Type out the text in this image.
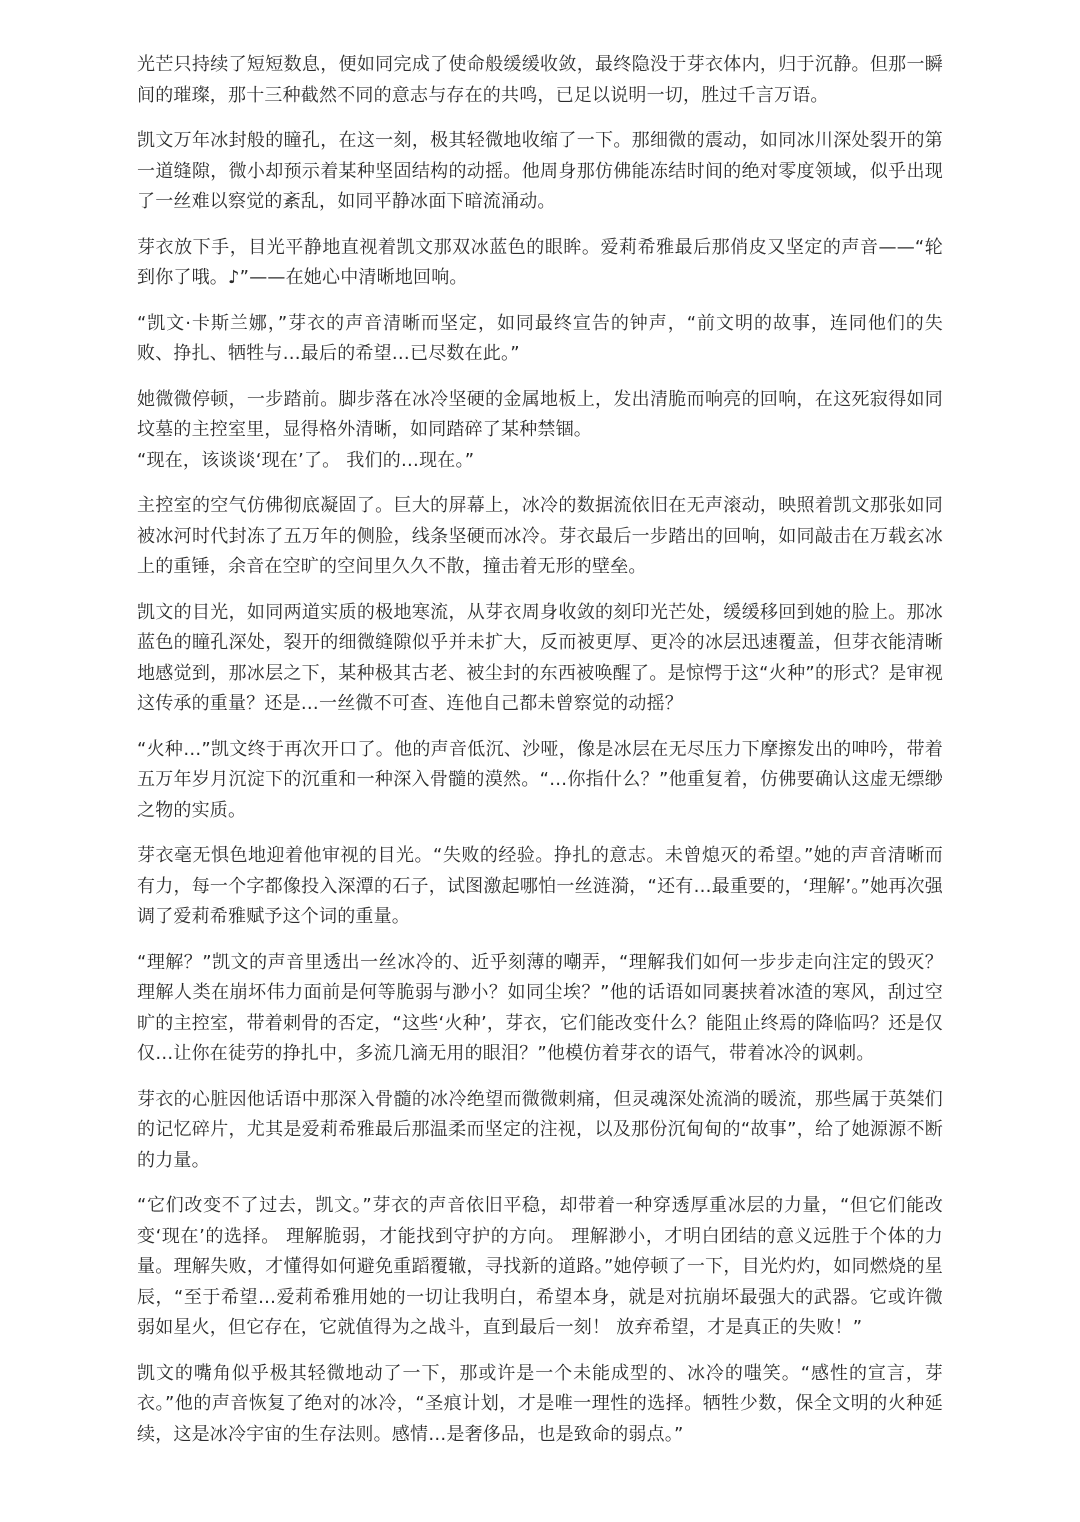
光芒只持续了短短数息，便如同完成了使命般缓缓收敛，最终隐没于芽衣体内，归于沉静。但那一瞬间的璀璨，那十三种截然不同的意志与存在的共鸣，已足以说明一切，胜过千言万语。

凯文万年冰封般的瞳孔，在这一刻，极其轻微地收缩了一下。那细微的震动，如同冰川深处裂开的第一道缝隙，微小却预示着某种坚固结构的动摇。他周身那仿佛能冻结时间的绝对零度领域，似乎出现了一丝难以察觉的紊乱，如同平静冰面下暗流涌动。

芽衣放下手，目光平静地直视着凯文那双冰蓝色的眼眸。爱莉希雅最后那俏皮又坚定的声音——“轮到你了哦。♪”——在她心中清晰地回响。

“凯文·卡斯兰娜，”芽衣的声音清晰而坚定，如同最终宣告的钟声，“前文明的故事，连同他们的失败、挣扎、牺牲与…最后的希望…已尽数在此。”

她微微停顿，一步踏前。脚步落在冰冷坚硬的金属地板上，发出清脆而响亮的回响，在这死寂得如同坟墓的主控室里，显得格外清晰，如同踏碎了某种禁锢。
“现在，该谈谈‘现在’了。 我们的…现在。”

主控室的空气仿佛彻底凝固了。巨大的屏幕上，冰冷的数据流依旧在无声滚动，映照着凯文那张如同被冰河时代封冻了五万年的侧脸，线条坚硬而冰冷。芽衣最后一步踏出的回响，如同敲击在万载玄冰上的重锤，余音在空旷的空间里久久不散，撞击着无形的壁垒。

凯文的目光，如同两道实质的极地寒流，从芽衣周身收敛的刻印光芒处，缓缓移回到她的脸上。那冰蓝色的瞳孔深处，裂开的细微缝隙似乎并未扩大，反而被更厚、更冷的冰层迅速覆盖，但芽衣能清晰地感觉到，那冰层之下，某种极其古老、被尘封的东西被唤醒了。是惊愕于这“火种”的形式？是审视这传承的重量？还是…一丝微不可查、连他自己都未曾察觉的动摇？

“火种…”凯文终于再次开口了。他的声音低沉、沙哑，像是冰层在无尽压力下摩擦发出的呻吟，带着五万年岁月沉淀下的沉重和一种深入骨髓的漠然。“…你指什么？”他重复着，仿佛要确认这虚无缥缈之物的实质。

芽衣毫无惧色地迎着他审视的目光。“失败的经验。挣扎的意志。未曾熄灭的希望。”她的声音清晰而有力，每一个字都像投入深潭的石子，试图激起哪怕一丝涟漪，“还有…最重要的，‘理解’。”她再次强调了爱莉希雅赋予这个词的重量。

“理解？”凯文的声音里透出一丝冰冷的、近乎刻薄的嘲弄，“理解我们如何一步步走向注定的毁灭？理解人类在崩坏伟力面前是何等脆弱与渺小？如同尘埃？”他的话语如同裹挟着冰渣的寒风，刮过空旷的主控室，带着刺骨的否定，“这些‘火种’，芽衣，它们能改变什么？能阻止终焉的降临吗？还是仅仅…让你在徒劳的挣扎中，多流几滴无用的眼泪？”他模仿着芽衣的语气，带着冰冷的讽刺。

芽衣的心脏因他话语中那深入骨髓的冰冷绝望而微微刺痛，但灵魂深处流淌的暖流，那些属于英桀们的记忆碎片，尤其是爱莉希雅最后那温柔而坚定的注视，以及那份沉甸甸的“故事”，给了她源源不断的力量。

“它们改变不了过去，凯文。”芽衣的声音依旧平稳，却带着一种穿透厚重冰层的力量，“但它们能改变‘现在’的选择。 理解脆弱，才能找到守护的方向。 理解渺小，才明白团结的意义远胜于个体的力量。理解失败，才懂得如何避免重蹈覆辙，寻找新的道路。”她停顿了一下，目光灼灼，如同燃烧的星辰，“至于希望…爱莉希雅用她的一切让我明白，希望本身，就是对抗崩坏最强大的武器。它或许微弱如星火，但它存在，它就值得为之战斗，直到最后一刻！ 放弃希望，才是真正的失败！”

凯文的嘴角似乎极其轻微地动了一下，那或许是一个未能成型的、冰冷的嗤笑。“感性的宣言，芽衣。”他的声音恢复了绝对的冰冷，“圣痕计划，才是唯一理性的选择。牺牲少数，保全文明的火种延续，这是冰冷宇宙的生存法则。感情…是奢侈品，也是致命的弱点。”
